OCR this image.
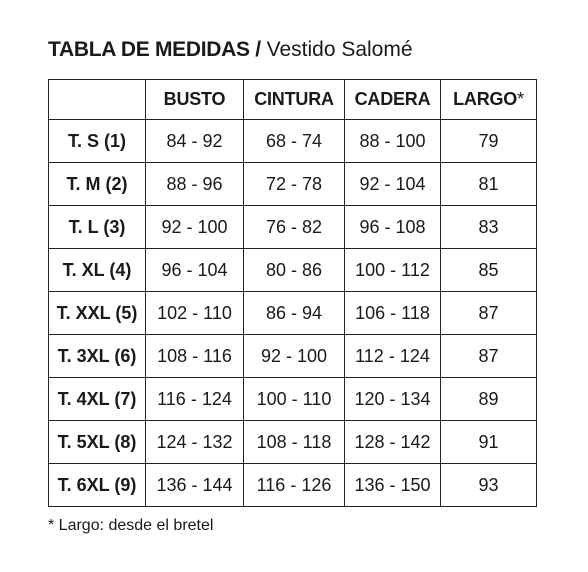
TABLA DE MEDIDAS / Vestido Salomé
	BUSTO	CINTURA	CADERA	LARGO*
T. S (1)	84 - 92	68 - 74	88 - 100	79
T. M (2)	88 - 96	72 - 78	92 - 104	81
T. L (3)	92 - 100	76 - 82	96 - 108	83
T. XL (4)	96 - 104	80 - 86	100 - 112	85
T. XXL (5)	102 - 110	86 - 94	106 - 118	87
T. 3XL (6)	108 - 116	92 - 100	112 - 124	87
T. 4XL (7)	116 - 124	100 - 110	120 - 134	89
T. 5XL (8)	124 - 132	108 - 118	128 - 142	91
T. 6XL (9)	136 - 144	116 - 126	136 - 150	93
* Largo: desde el bretel
